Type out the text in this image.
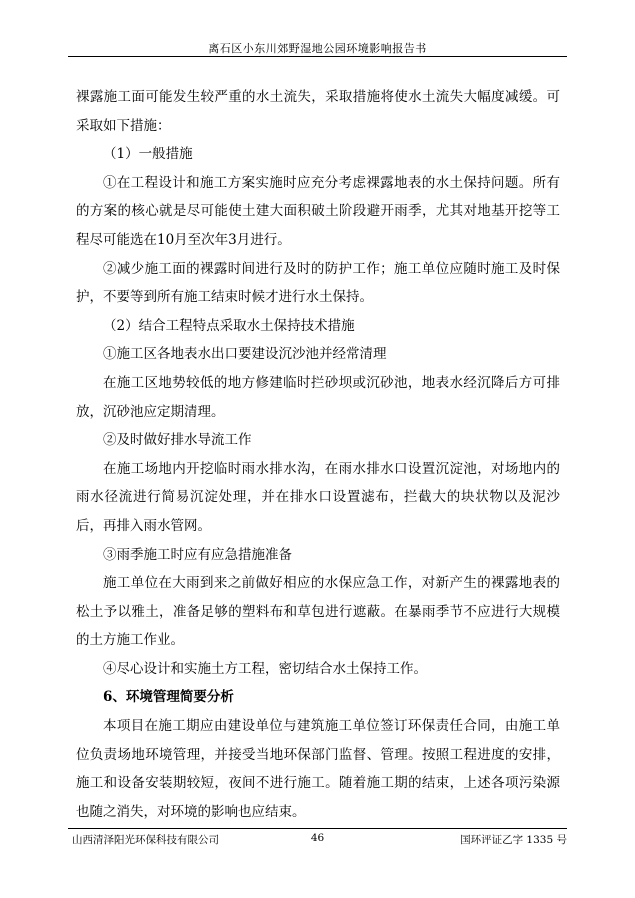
离石区小东川郊野湿地公园环境影响报告书

裸露施工面可能发生较严重的水土流失，采取措施将使水土流失大幅度减缓。可采取如下措施：

（1）一般措施

①在工程设计和施工方案实施时应充分考虑裸露地表的水土保持问题。所有的方案的核心就是尽可能使土建大面积破土阶段避开雨季，尤其对地基开挖等工程尽可能选在10月至次年3月进行。

②减少施工面的裸露时间进行及时的防护工作；施工单位应随时施工及时保护，不要等到所有施工结束时候才进行水土保持。

（2）结合工程特点采取水土保持技术措施

①施工区各地表水出口要建设沉沙池并经常清理

在施工区地势较低的地方修建临时拦砂坝或沉砂池，地表水经沉降后方可排放，沉砂池应定期清理。

②及时做好排水导流工作

在施工场地内开挖临时雨水排水沟，在雨水排水口设置沉淀池，对场地内的雨水径流进行简易沉淀处理，并在排水口设置滤布，拦截大的块状物以及泥沙后，再排入雨水管网。

③雨季施工时应有应急措施准备

施工单位在大雨到来之前做好相应的水保应急工作，对新产生的裸露地表的松土予以雅土，准备足够的塑料布和草包进行遮蔽。在暴雨季节不应进行大规模的土方施工作业。

④尽心设计和实施土方工程，密切结合水土保持工作。

6、环境管理简要分析

本项目在施工期应由建设单位与建筑施工单位签订环保责任合同，由施工单位负责场地环境管理，并接受当地环保部门监督、管理。按照工程进度的安排，施工和设备安装期较短，夜间不进行施工。随着施工期的结束，上述各项污染源也随之消失，对环境的影响也应结束。

山西清泽阳光环保科技有限公司	46	国环评证乙字 1335 号
